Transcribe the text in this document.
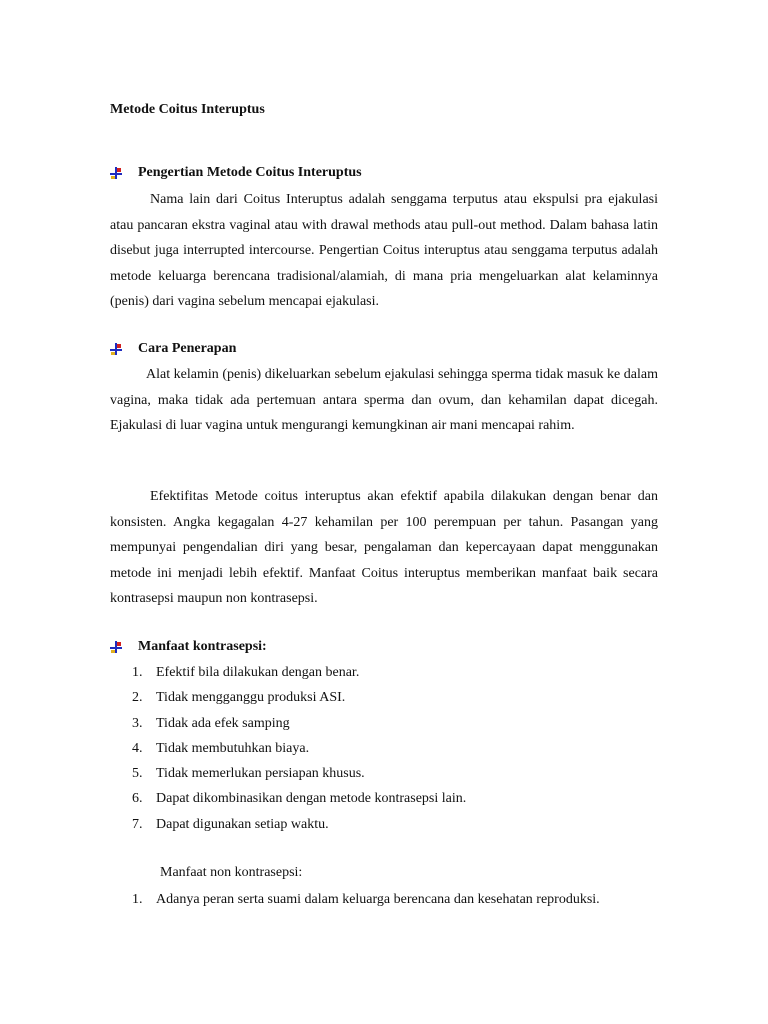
Metode Coitus Interuptus
Pengertian Metode Coitus Interuptus

Nama lain dari Coitus Interuptus adalah senggama terputus atau ekspulsi pra ejakulasi atau pancaran ekstra vaginal atau with drawal methods atau pull-out method. Dalam bahasa latin disebut juga interrupted intercourse. Pengertian Coitus interuptus atau senggama terputus adalah metode keluarga berencana tradisional/alamiah, di mana pria mengeluarkan alat kelaminnya (penis) dari vagina sebelum mencapai ejakulasi.

Cara Penerapan

Alat kelamin (penis) dikeluarkan sebelum ejakulasi sehingga sperma tidak masuk ke dalam vagina, maka tidak ada pertemuan antara sperma dan ovum, dan kehamilan dapat dicegah. Ejakulasi di luar vagina untuk mengurangi kemungkinan air mani mencapai rahim.

Efektifitas Metode coitus interuptus akan efektif apabila dilakukan dengan benar dan konsisten. Angka kegagalan 4-27 kehamilan per 100 perempuan per tahun. Pasangan yang mempunyai pengendalian diri yang besar, pengalaman dan kepercayaan dapat menggunakan metode ini menjadi lebih efektif. Manfaat Coitus interuptus memberikan manfaat baik secara kontrasepsi maupun non kontrasepsi.

Manfaat kontrasepsi:
1. Efektif bila dilakukan dengan benar.
2. Tidak mengganggu produksi ASI.
3. Tidak ada efek samping
4. Tidak membutuhkan biaya.
5. Tidak memerlukan persiapan khusus.
6. Dapat dikombinasikan dengan metode kontrasepsi lain.
7. Dapat digunakan setiap waktu.
Manfaat non kontrasepsi:
1. Adanya peran serta suami dalam keluarga berencana dan kesehatan reproduksi.
